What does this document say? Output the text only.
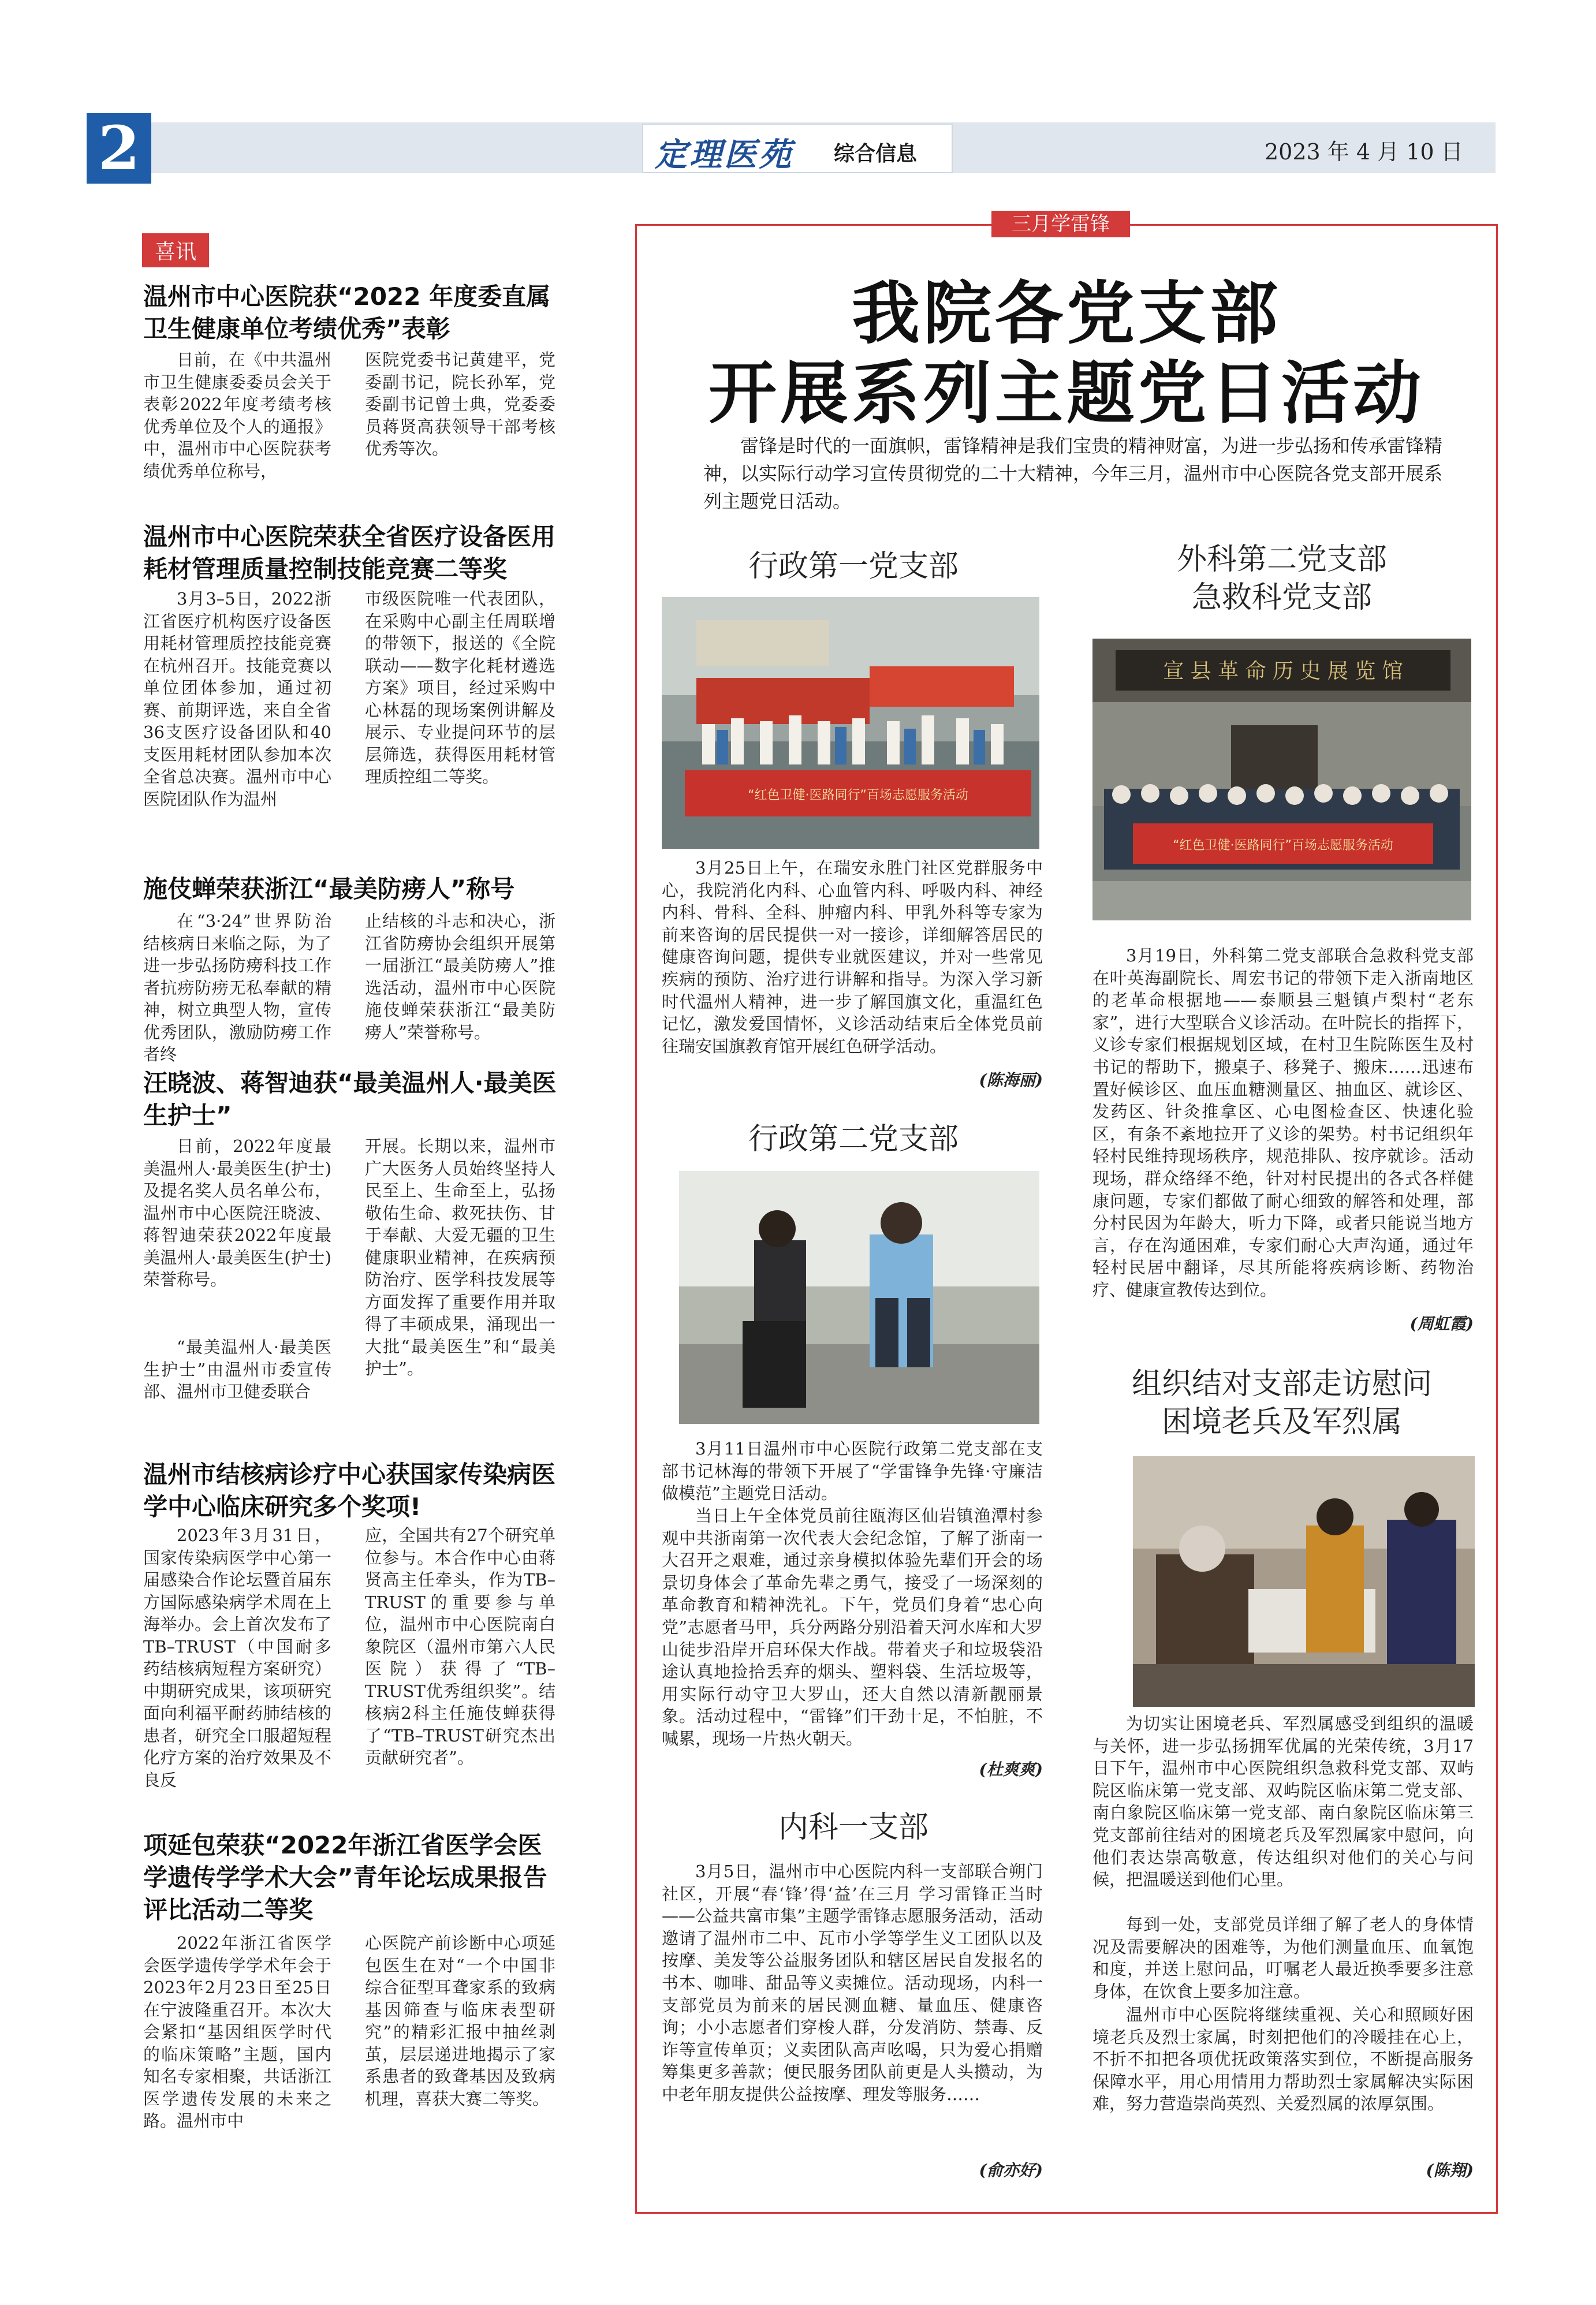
2	定理医苑 综合信息	2023 年 4 月 10 日
喜讯
温州市中心医院获“2022 年度委直属卫生健康单位考绩优秀”表彰
日前，在《中共温州市卫生健康委委员会关于表彰2022年度考绩考核优秀单位及个人的通报》中，温州市中心医院获考绩优秀单位称号，
医院党委书记黄建平，党委副书记，院长孙军，党委副书记曾士典，党委委员蒋贤高获领导干部考核优秀等次。
温州市中心医院荣获全省医疗设备医用耗材管理质量控制技能竞赛二等奖
3月3–5日，2022浙江省医疗机构医疗设备医用耗材管理质控技能竞赛在杭州召开。技能竞赛以单位团体参加，通过初赛、前期评选，来自全省36支医疗设备团队和40支医用耗材团队参加本次全省总决赛。温州市中心医院团队作为温州
市级医院唯一代表团队，在采购中心副主任周联增的带领下，报送的《全院联动——数字化耗材遴选方案》项目，经过采购中心林磊的现场案例讲解及展示、专业提问环节的层层筛选，获得医用耗材管理质控组二等奖。
施伎蝉荣获浙江“最美防痨人”称号
在“3·24”世界防治结核病日来临之际，为了进一步弘扬防痨科技工作者抗痨防痨无私奉献的精神，树立典型人物，宣传优秀团队，激励防痨工作者终
止结核的斗志和决心，浙江省防痨协会组织开展第一届浙江“最美防痨人”推选活动，温州市中心医院施伎蝉荣获浙江“最美防痨人”荣誉称号。
汪晓波、蒋智迪获“最美温州人·最美医生护士”
日前，2022年度最美温州人·最美医生(护士)及提名奖人员名单公布，温州市中心医院汪晓波、蒋智迪荣获2022年度最美温州人·最美医生(护士)荣誉称号。
“最美温州人·最美医生护士”由温州市委宣传部、温州市卫健委联合
开展。长期以来，温州市广大医务人员始终坚持人民至上、生命至上，弘扬敬佑生命、救死扶伤、甘于奉献、大爱无疆的卫生健康职业精神，在疾病预防治疗、医学科技发展等方面发挥了重要作用并取得了丰硕成果，涌现出一大批“最美医生”和“最美护士”。
温州市结核病诊疗中心获国家传染病医学中心临床研究多个奖项!
2023年3月31日，国家传染病医学中心第一届感染合作论坛暨首届东方国际感染病学术周在上海举办。会上首次发布了TB–TRUST（中国耐多药结核病短程方案研究）中期研究成果，该项研究面向利福平耐药肺结核的患者，研究全口服超短程化疗方案的治疗效果及不良反
应，全国共有27个研究单位参与。本合作中心由蒋贤高主任牵头，作为TB–TRUST的重要参与单位，温州市中心医院南白象院区（温州市第六人民医院）获得了“TB–TRUST优秀组织奖”。结核病2科主任施伎蝉获得了“TB–TRUST研究杰出贡献研究者”。
项延包荣获“2022年浙江省医学会医学遗传学学术大会”青年论坛成果报告评比活动二等奖
2022年浙江省医学会医学遗传学学术年会于2023年2月23日至25日在宁波隆重召开。本次大会紧扣“基因组医学时代的临床策略”主题，国内知名专家相聚，共话浙江医学遗传发展的未来之路。温州市中
心医院产前诊断中心项延包医生在对“一个中国非综合征型耳聋家系的致病基因筛查与临床表型研究”的精彩汇报中抽丝剥茧，层层递进地揭示了家系患者的致聋基因及致病机理，喜获大赛二等奖。
三月学雷锋
我院各党支部
开展系列主题党日活动
雷锋是时代的一面旗帜，雷锋精神是我们宝贵的精神财富，为进一步弘扬和传承雷锋精神，以实际行动学习宣传贯彻党的二十大精神，今年三月，温州市中心医院各党支部开展系列主题党日活动。
行政第一党支部
“红色卫健·医路同行”百场志愿服务活动
3月25日上午，在瑞安永胜门社区党群服务中心，我院消化内科、心血管内科、呼吸内科、神经内科、骨科、全科、肿瘤内科、甲乳外科等专家为前来咨询的居民提供一对一接诊，详细解答居民的健康咨询问题，提供专业就医建议，并对一些常见疾病的预防、治疗进行讲解和指导。为深入学习新时代温州人精神，进一步了解国旗文化，重温红色记忆，激发爱国情怀，义诊活动结束后全体党员前往瑞安国旗教育馆开展红色研学活动。
(陈海丽)
行政第二党支部
3月11日温州市中心医院行政第二党支部在支部书记林海的带领下开展了“学雷锋争先锋·守廉洁做模范”主题党日活动。
当日上午全体党员前往瓯海区仙岩镇渔潭村参观中共浙南第一次代表大会纪念馆，了解了浙南一大召开之艰难，通过亲身模拟体验先辈们开会的场景切身体会了革命先辈之勇气，接受了一场深刻的革命教育和精神洗礼。下午，党员们身着“忠心向党”志愿者马甲，兵分两路分别沿着天河水库和大罗山徒步沿岸开启环保大作战。带着夹子和垃圾袋沿途认真地捡拾丢弃的烟头、塑料袋、生活垃圾等，用实际行动守卫大罗山，还大自然以清新靓丽景象。活动过程中，“雷锋”们干劲十足，不怕脏，不喊累，现场一片热火朝天。
(杜爽爽)
内科一支部
3月5日，温州市中心医院内科一支部联合朔门社区，开展“春‘锋’得‘益’在三月 学习雷锋正当时——公益共富市集”主题学雷锋志愿服务活动，活动邀请了温州市二中、瓦市小学等学生义工团队以及按摩、美发等公益服务团队和辖区居民自发报名的书本、咖啡、甜品等义卖摊位。活动现场，内科一支部党员为前来的居民测血糖、量血压、健康咨询；小小志愿者们穿梭人群，分发消防、禁毒、反诈等宣传单页；义卖团队高声吆喝，只为爱心捐赠筹集更多善款；便民服务团队前更是人头攒动，为中老年朋友提供公益按摩、理发等服务……
(俞亦好)
外科第二党支部
急救科党支部
宣 县 革 命 历 史 展 览 馆
“红色卫健·医路同行”百场志愿服务活动
3月19日，外科第二党支部联合急救科党支部在叶英海副院长、周宏书记的带领下走入浙南地区的老革命根据地——泰顺县三魁镇卢梨村“老东家”，进行大型联合义诊活动。在叶院长的指挥下，义诊专家们根据规划区域，在村卫生院陈医生及村书记的帮助下，搬桌子、移凳子、搬床……迅速布置好候诊区、血压血糖测量区、抽血区、就诊区、发药区、针灸推拿区、心电图检查区、快速化验区，有条不紊地拉开了义诊的架势。村书记组织年轻村民维持现场秩序，规范排队、按序就诊。活动现场，群众络绎不绝，针对村民提出的各式各样健康问题，专家们都做了耐心细致的解答和处理，部分村民因为年龄大，听力下降，或者只能说当地方言，存在沟通困难，专家们耐心大声沟通，通过年轻村民居中翻译，尽其所能将疾病诊断、药物治疗、健康宣教传达到位。
(周虹霞)
组织结对支部走访慰问
困境老兵及军烈属
为切实让困境老兵、军烈属感受到组织的温暖与关怀，进一步弘扬拥军优属的光荣传统，3月17日下午，温州市中心医院组织急救科党支部、双屿院区临床第一党支部、双屿院区临床第二党支部、南白象院区临床第一党支部、南白象院区临床第三党支部前往结对的困境老兵及军烈属家中慰问，向他们表达崇高敬意，传达组织对他们的关心与问候，把温暖送到他们心里。
每到一处，支部党员详细了解了老人的身体情况及需要解决的困难等，为他们测量血压、血氧饱和度，并送上慰问品，叮嘱老人最近换季要多注意身体，在饮食上要多加注意。
温州市中心医院将继续重视、关心和照顾好困境老兵及烈士家属，时刻把他们的冷暖挂在心上，不折不扣把各项优抚政策落实到位，不断提高服务保障水平，用心用情用力帮助烈士家属解决实际困难，努力营造崇尚英烈、关爱烈属的浓厚氛围。
(陈翔)
